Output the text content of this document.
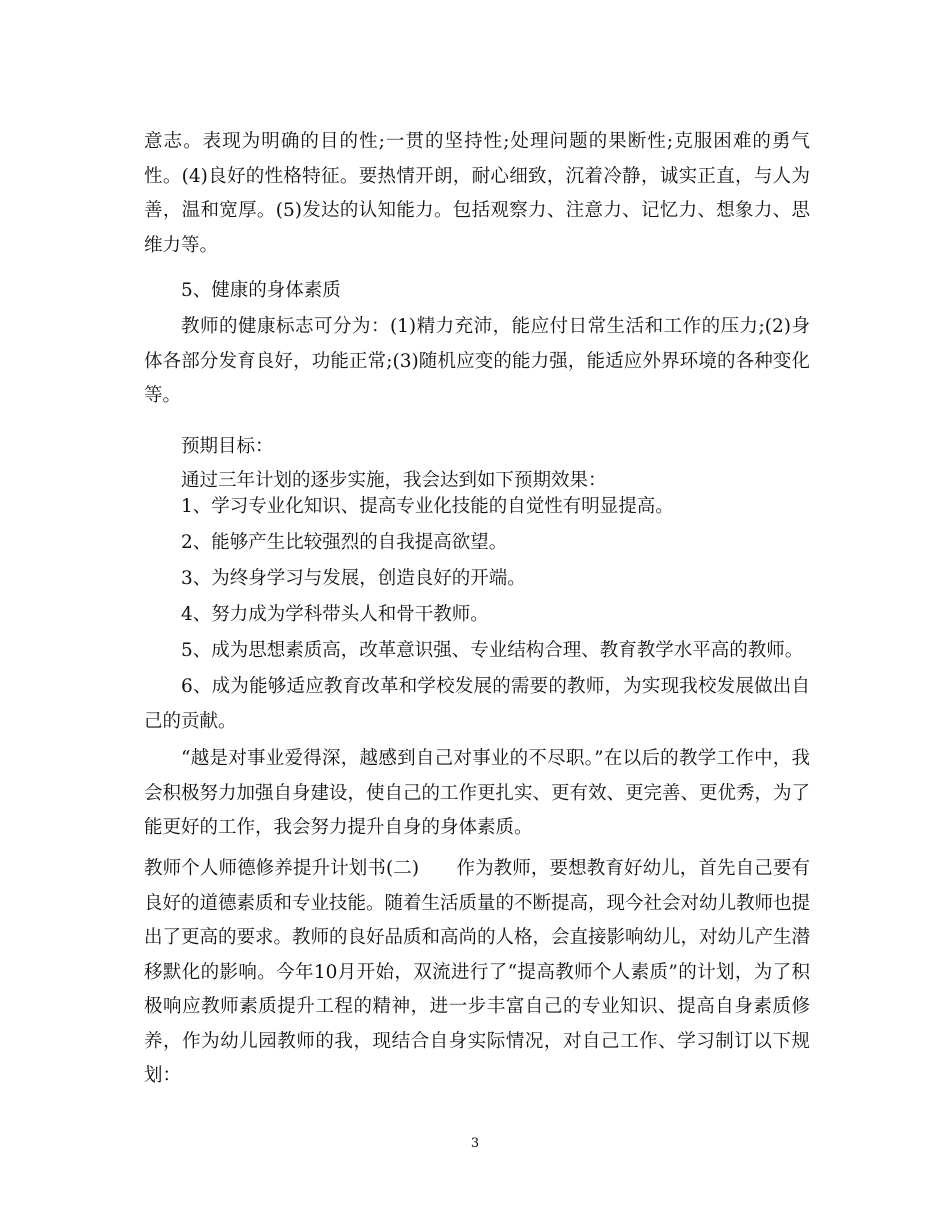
意志。表现为明确的目的性;一贯的坚持性;处理问题的果断性;克服困难的勇气性。(4)良好的性格特征。要热情开朗，耐心细致，沉着冷静，诚实正直，与人为善，温和宽厚。(5)发达的认知能力。包括观察力、注意力、记忆力、想象力、思维力等。
5、健康的身体素质
教师的健康标志可分为：(1)精力充沛，能应付日常生活和工作的压力;(2)身体各部分发育良好，功能正常;(3)随机应变的能力强，能适应外界环境的各种变化等。
预期目标：
通过三年计划的逐步实施，我会达到如下预期效果：
1、学习专业化知识、提高专业化技能的自觉性有明显提高。
2、能够产生比较强烈的自我提高欲望。
3、为终身学习与发展，创造良好的开端。
4、努力成为学科带头人和骨干教师。
5、成为思想素质高，改革意识强、专业结构合理、教育教学水平高的教师。
6、成为能够适应教育改革和学校发展的需要的教师，为实现我校发展做出自己的贡献。
“越是对事业爱得深，越感到自己对事业的不尽职。”在以后的教学工作中，我会积极努力加强自身建设，使自己的工作更扎实、更有效、更完善、更优秀，为了能更好的工作，我会努力提升自身的身体素质。
教师个人师德修养提升计划书(二)　　作为教师，要想教育好幼儿，首先自己要有良好的道德素质和专业技能。随着生活质量的不断提高，现今社会对幼儿教师也提出了更高的要求。教师的良好品质和高尚的人格，会直接影响幼儿，对幼儿产生潜移默化的影响。今年10月开始，双流进行了“提高教师个人素质”的计划，为了积极响应教师素质提升工程的精神，进一步丰富自己的专业知识、提高自身素质修养，作为幼儿园教师的我，现结合自身实际情况，对自己工作、学习制订以下规划：
3
